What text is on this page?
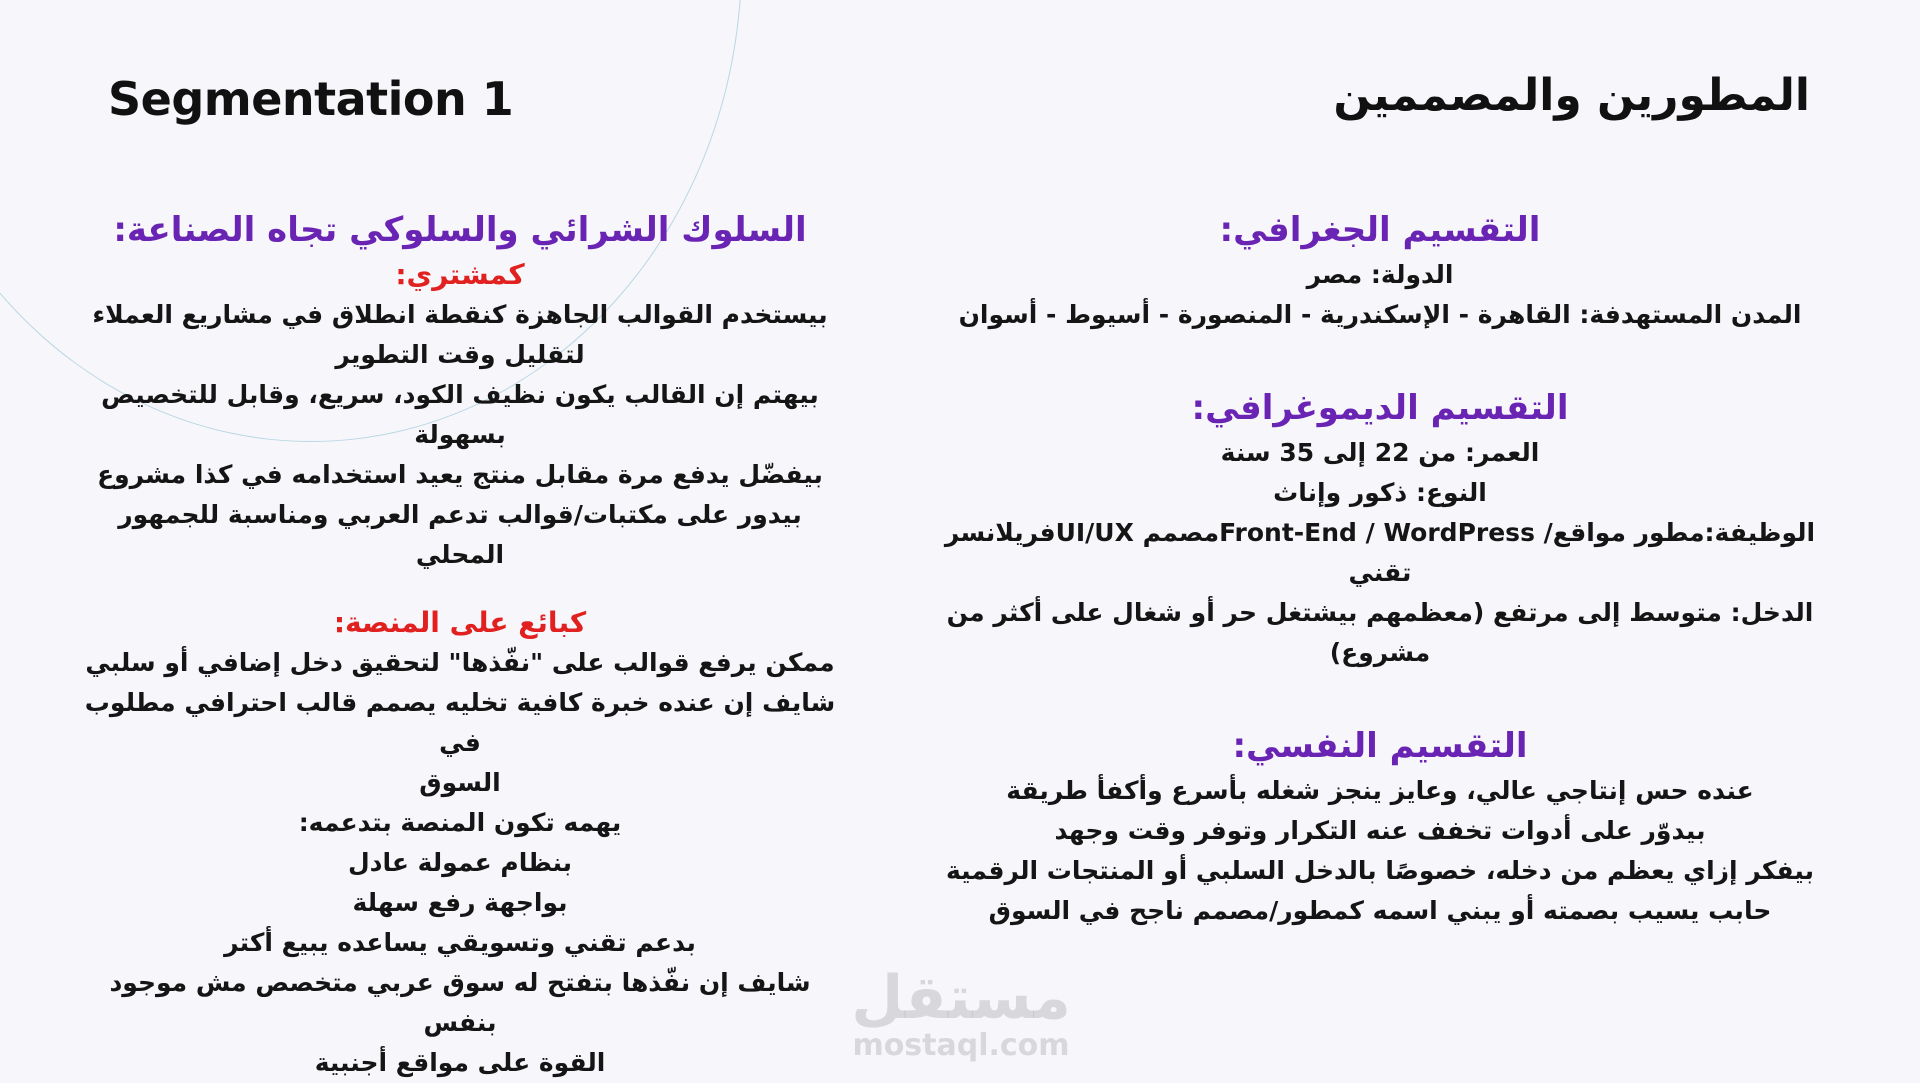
Segmentation 1	المطورين والمصممين
السلوك الشرائي والسلوكي تجاه الصناعة:
كمشتري:
بيستخدم القوالب الجاهزة كنقطة انطلاق في مشاريع العملاء
لتقليل وقت التطوير
بيهتم إن القالب يكون نظيف الكود، سريع، وقابل للتخصيص
بسهولة
بيفضّل يدفع مرة مقابل منتج يعيد استخدامه في كذا مشروع
بيدور على مكتبات/قوالب تدعم العربي ومناسبة للجمهور المحلي
كبائع على المنصة:
ممكن يرفع قوالب على "نفّذها" لتحقيق دخل إضافي أو سلبي
شايف إن عنده خبرة كافية تخليه يصمم قالب احترافي مطلوب في
السوق
يهمه تكون المنصة بتدعمه:
بنظام عمولة عادل
بواجهة رفع سهلة
بدعم تقني وتسويقي يساعده يبيع أكتر
شايف إن نفّذها بتفتح له سوق عربي متخصص مش موجود بنفس
القوة على مواقع أجنبية
التقسيم الجغرافي:
الدولة: مصر
المدن المستهدفة: القاهرة - الإسكندرية - المنصورة - أسيوط - أسوان
التقسيم الديموغرافي:
العمر: من 22 إلى 35 سنة
النوع: ذكور وإناث
الوظيفة:مطور مواقع/ Front-End / WordPressمصمم UI/UXفريلانسر
تقني
الدخل: متوسط إلى مرتفع (معظمهم بيشتغل حر أو شغال على أكثر من
مشروع)
التقسيم النفسي:
عنده حس إنتاجي عالي، وعايز ينجز شغله بأسرع وأكفأ طريقة
بيدوّر على أدوات تخفف عنه التكرار وتوفر وقت وجهد
بيفكر إزاي يعظم من دخله، خصوصًا بالدخل السلبي أو المنتجات الرقمية
حابب يسيب بصمته أو يبني اسمه كمطور/مصمم ناجح في السوق
مستقل
mostaql.com
